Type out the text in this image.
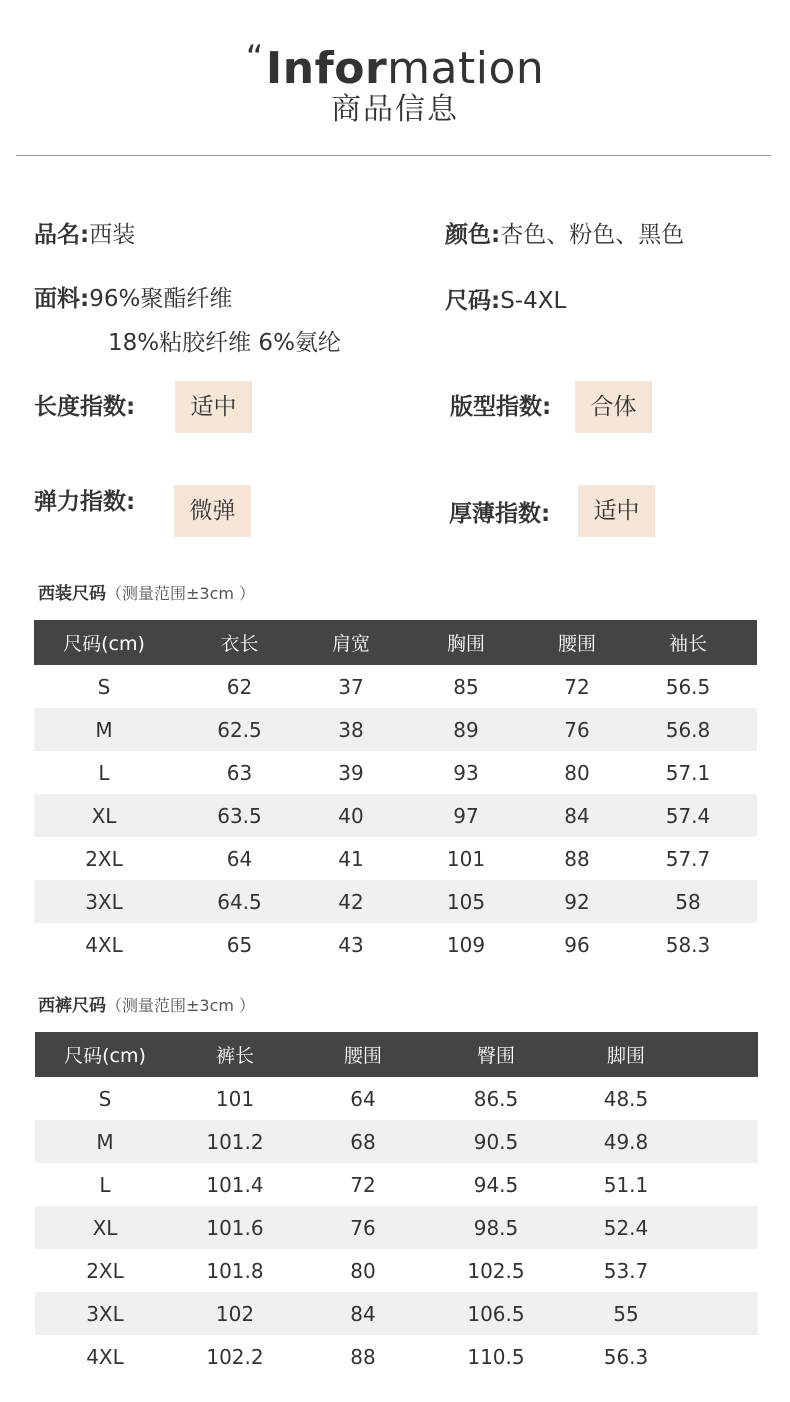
“Information
商品信息
品名:西装	颜色:杏色、粉色、黑色
面料:96%聚酯纤维
18%粘胶纤维 6%氨纶
尺码:S-4XL
长度指数:	适中	版型指数:	合体
弹力指数:	微弹	厚薄指数:	适中
西装尺码（测量范围±3cm ）
尺码(cm)	衣长	肩宽	胸围	腰围	袖长
S	62	37	85	72	56.5
M	62.5	38	89	76	56.8
L	63	39	93	80	57.1
XL	63.5	40	97	84	57.4
2XL	64	41	101	88	57.7
3XL	64.5	42	105	92	58
4XL	65	43	109	96	58.3
西裤尺码（测量范围±3cm ）
尺码(cm)	裤长	腰围	臀围	脚围	
S	101	64	86.5	48.5	
M	101.2	68	90.5	49.8	
L	101.4	72	94.5	51.1	
XL	101.6	76	98.5	52.4	
2XL	101.8	80	102.5	53.7	
3XL	102	84	106.5	55	
4XL	102.2	88	110.5	56.3	
